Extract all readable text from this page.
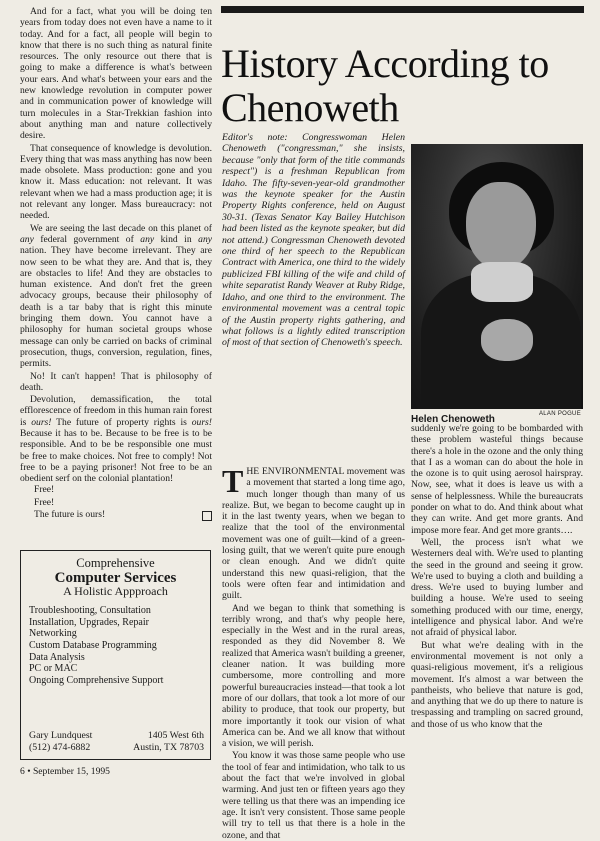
And for a fact, what you will be doing ten years from today does not even have a name to it today. And for a fact, all people will begin to know that there is no such thing as natural finite resources. The only resource out there that is going to make a difference is what's between your ears. And what's between your ears and the new knowledge revolution in computer power and in communication power of knowledge will turn molecules in a Star-Trekkian fashion into about anything man and nature collectively desire.

That consequence of knowledge is devolution. Every thing that was mass anything has now been made obsolete. Mass production: gone and you know it. Mass education: not relevant. It was relevant when we had a mass production age; it is not relevant any longer. Mass bureaucracy: not needed.

We are seeing the last decade on this planet of any federal government of any kind in any nation. They have become irrelevant. They are now seen to be what they are. And that is, they are obstacles to life! And they are obstacles to human existence. And don't fret the green advocacy groups, because their philosophy of death is a tar baby that is right this minute bringing them down. You cannot have a philosophy for human societal groups whose message can only be carried on backs of criminal prosecution, thugs, conversion, regulation, fines, permits.

No! It can't happen! That is philosophy of death.

Devolution, demassification, the total efflorescence of freedom in this human rain forest is ours! The future of property rights is ours! Because it has to be. Because to be free is to be responsible. And to be be responsible one must be free to make choices. Not free to comply! Not free to be a paying prisoner! Not free to be an obedient serf on the colonial plantation!

Free!

Free!

The future is ours!

History According to
Chenoweth
Editor's note: Congresswoman Helen Chenoweth ("congressman," she insists, because "only that form of the title commands respect") is a freshman Republican from Idaho. The fifty-seven-year-old grandmother was the keynote speaker for the Austin Property Rights conference, held on August 30-31. (Texas Senator Kay Bailey Hutchison had been listed as the keynote speaker, but did not attend.) Congressman Chenoweth devoted one third of her speech to the Republican Contract with America, one third to the widely publicized FBI killing of the wife and child of white separatist Randy Weaver at Ruby Ridge, Idaho, and one third to the environment. The environmental movement was a central topic of the Austin property rights gathering, and what follows is a lightly edited transcription of most of that section of Chenoweth's speech.
Helen Chenoweth	ALAN POGUE

THE ENVIRONMENTAL movement was a movement that started a long time ago, much longer though than many of us realize. But, we began to become caught up in it in the last twenty years, when we began to realize that the tool of the environmental movement was one of guilt—kind of a green-losing guilt, that we weren't quite pure enough or clean enough. And we didn't quite understand this new quasi-religion, that the tools were often fear and intimidation and guilt.

And we began to think that something is terribly wrong, and that's why people here, especially in the West and in the rural areas, responded as they did November 8. We realized that America wasn't building a greener, cleaner nation. It was building more cumbersome, more controlling and more powerful bureaucracies instead—that took a lot more of our dollars, that took a lot more of our ability to produce, that took our property, but more importantly it took our vision of what America can be. And we all know that without a vision, we will perish.

You know it was those same people who use the tool of fear and intimidation, who talk to us about the fact that we're involved in global warming. And just ten or fifteen years ago they were telling us that there was an impending ice age. It isn't very consistent. Those same people will try to tell us that there is a hole in the ozone, and that

suddenly we're going to be bombarded with these problem wasteful things because there's a hole in the ozone and the only thing that I as a woman can do about the hole in the ozone is to quit using aerosol hairspray. Now, see, what it does is leave us with a sense of helplessness. While the bureaucrats ponder on what to do. And think about what they can write. And get more grants. And impose more fear. And get more grants….

Well, the process isn't what we Westerners deal with. We're used to planting the seed in the ground and seeing it grow. We're used to buying a cloth and building a dress. We're used to buying lumber and building a house. We're used to seeing something produced with our time, energy, intelligence and physical labor. And we're not afraid of physical labor.

But what we're dealing with in the environmental movement is not only a quasi-religious movement, it's a religious movement. It's almost a war between the pantheists, who believe that nature is god, and anything that we do up there to nature is trespassing and trampling on sacred ground, and those of us who know that the

Comprehensive
Computer Services
A Holistic Appproach
Troubleshooting, Consultation
Installation, Upgrades, Repair
Networking
Custom Database Programming
Data Analysis
PC or MAC
Ongoing Comprehensive Support
Gary Lundquest
(512) 474-6882
1405 West 6th
Austin, TX 78703
6 • September 15, 1995
